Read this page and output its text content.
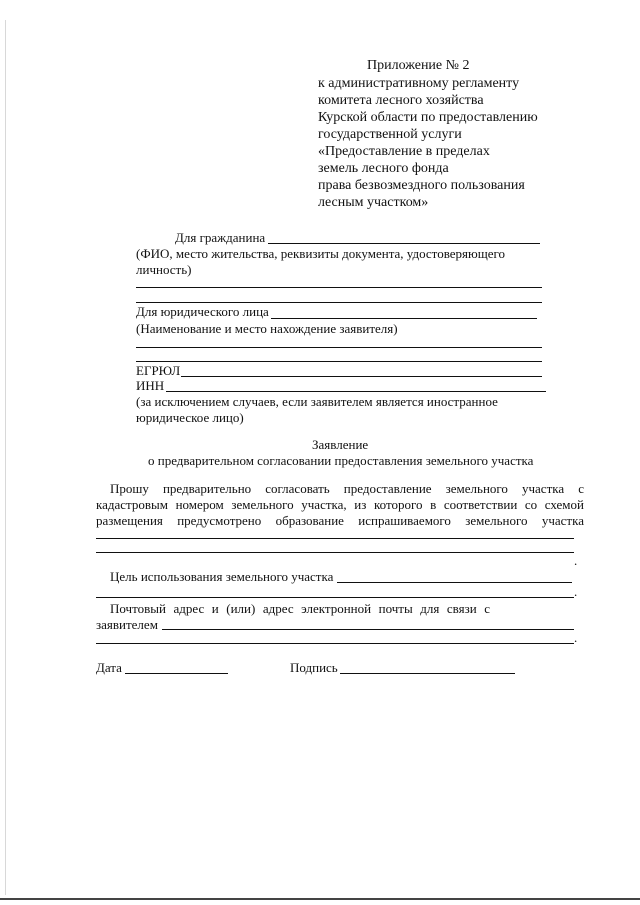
Приложение № 2
к административному регламенту
комитета лесного хозяйства
Курской области по предоставлению
государственной услуги
«Предоставление в пределах
земель лесного фонда
права безвозмездного пользования
лесным участком»
Для гражданина
(ФИО, место жительства, реквизиты документа, удостоверяющего
личность)
Для юридического лица
(Наименование и место нахождение заявителя)
ЕГРЮЛ
ИНН
(за исключением случаев, если заявителем является иностранное
юридическое лицо)
Заявление
о предварительном согласовании предоставления земельного участка
Прошу предварительно согласовать предоставление земельного участка с
кадастровым номером земельного участка, из которого в соответствии со схемой
размещения предусмотрено образование испрашиваемого земельного участка
.
Цель использования земельного участка
.
Почтовый адрес и (или) адрес электронной почты для связи с
заявителем
.
Дата	Подпись
